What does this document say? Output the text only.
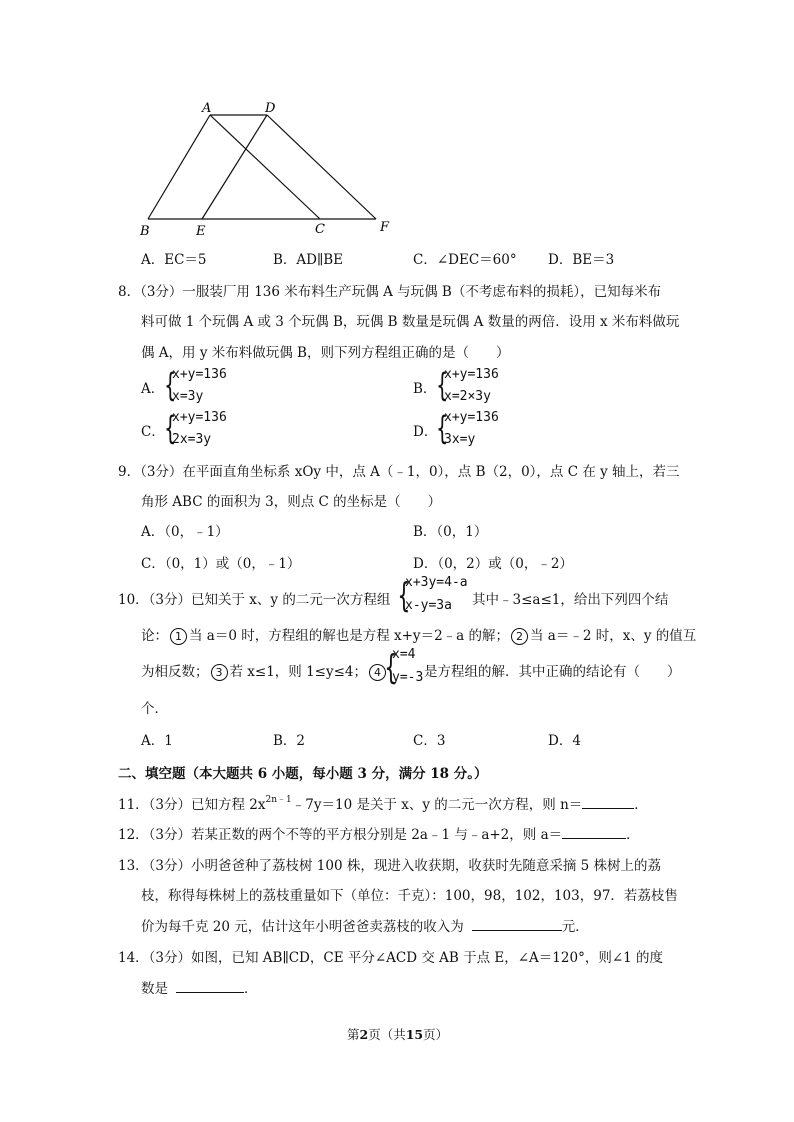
A	D
B	E	C	F
A．EC＝5	B．AD∥BE	C．∠DEC＝60° D．BE＝3
8．（3分）一服装厂用 136 米布料生产玩偶 A 与玩偶 B（不考虑布料的损耗），已知每米布
料可做 1 个玩偶 A 或 3 个玩偶 B，玩偶 B 数量是玩偶 A 数量的两倍．设用 x 米布料做玩
偶 A，用 y 米布料做玩偶 B，则下列方程组正确的是（　　）
A． {
x+y=136
x=3y	B． {
x+y=136
x=2×3y
C． {
x+y=136
2x=3y	D．
{
x+y=136
3x=y
9．（3分）在平面直角坐标系 xOy 中，点 A（﹣1，0），点 B（2，0），点 C 在 y 轴上，若三
角形 ABC 的面积为 3，则点 C 的坐标是（　　）
A．（0，﹣1）	B．（0，1）
C．（0，1）或（0，﹣1）	D．（0，2）或（0，﹣2）
10．（3分）已知关于 x、y 的二元一次方程组 {
x+3y=4-a
x-y=3a 其中﹣3≤a≤1，给出下列四个结
论： 1 当 a＝0 时，方程组的解也是方程 x+y＝2﹣a 的解； 2 当 a＝﹣2 时，x、y 的值互
为相反数； 3 若 x≤1，则 1≤y≤4； 4 {
x=4
y=-3 是方程组的解．其中正确的结论有（　　）
个．
A．1	B．2	C．3	D．4
二、填空题（本大题共 6 小题，每小题 3 分，满分 18 分。）
11．（3分）已知方程 $2x^{2n﹣1}﹣7y=10$ 是关于 x、y 的二元一次方程，则 n＝	．
12．（3分）若某正数的两个不等的平方根分别是 2a﹣1 与﹣a+2，则 a＝	．
13．（3分）小明爸爸种了荔枝树 100 株，现进入收获期，收获时先随意采摘 5 株树上的荔
枝，称得每株树上的荔枝重量如下（单位：千克）：100，98，102，103，97．若荔枝售
价为每千克 20 元，估计这年小明爸爸卖荔枝的收入为	元．
14．（3分）如图，已知 AB∥CD，CE 平分∠ACD 交 AB 于点 E，∠A＝120°，则∠1 的度
数是	．
第2页（共15页）
